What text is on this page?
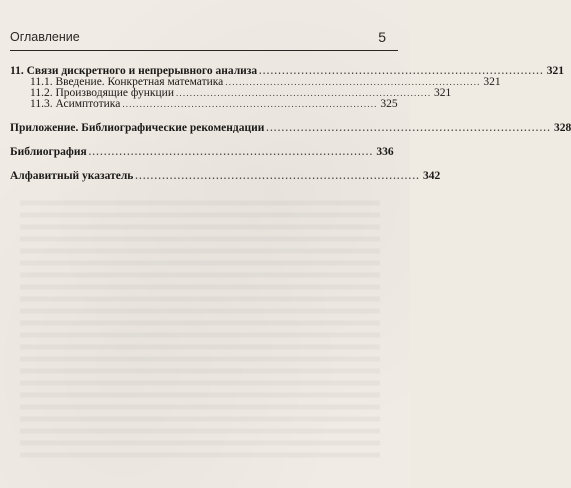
Оглавление	5
11. Связи дискретного и непрерывного анализа .......................................................................... 321
11.1. Введение. Конкретная математика .......................................................................... 321
11.2. Производящие функции .......................................................................... 321
11.3. Асимптотика .......................................................................... 325
Приложение. Библиографические рекомендации .......................................................................... 328
Библиография .......................................................................... 336
Алфавитный указатель .......................................................................... 342
